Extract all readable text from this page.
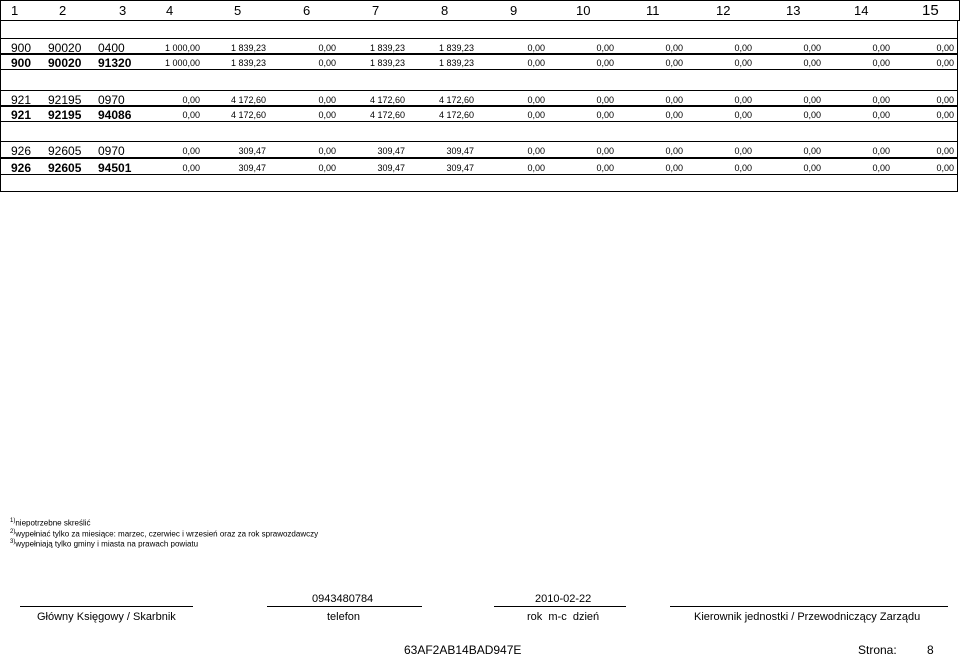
1	2	3	4	5	6	7	8	9	10	11	12	13	14	15
900 90020 0400	1 000,00	1 839,23	0,00	1 839,23	1 839,23	0,00	0,00	0,00	0,00	0,00	0,00	0,00
900 90020 91320	1 000,00	1 839,23	0,00	1 839,23	1 839,23	0,00	0,00	0,00	0,00	0,00	0,00	0,00
921 92195 0970	0,00	4 172,60	0,00	4 172,60	4 172,60	0,00	0,00	0,00	0,00	0,00	0,00	0,00
921 92195 94086	0,00	4 172,60	0,00	4 172,60	4 172,60	0,00	0,00	0,00	0,00	0,00	0,00	0,00
926 92605 0970	0,00	309,47	0,00	309,47	309,47	0,00	0,00	0,00	0,00	0,00	0,00	0,00
926 92605 94501	0,00	309,47	0,00	309,47	309,47	0,00	0,00	0,00	0,00	0,00	0,00	0,00
$^{1)}$niepotrzebne skreślić
$^{2)}$wypełniać tylko za miesiące: marzec, czerwiec i wrzesień oraz za rok sprawozdawczy
$^{3)}$wypełniają tylko gminy i miasta na prawach powiatu
0943480784	2010-02-22
Główny Księgowy / Skarbnik	telefon	rok  m-c  dzień	Kierownik jednostki / Przewodniczący Zarządu
63AF2AB14BAD947E	Strona:	8
